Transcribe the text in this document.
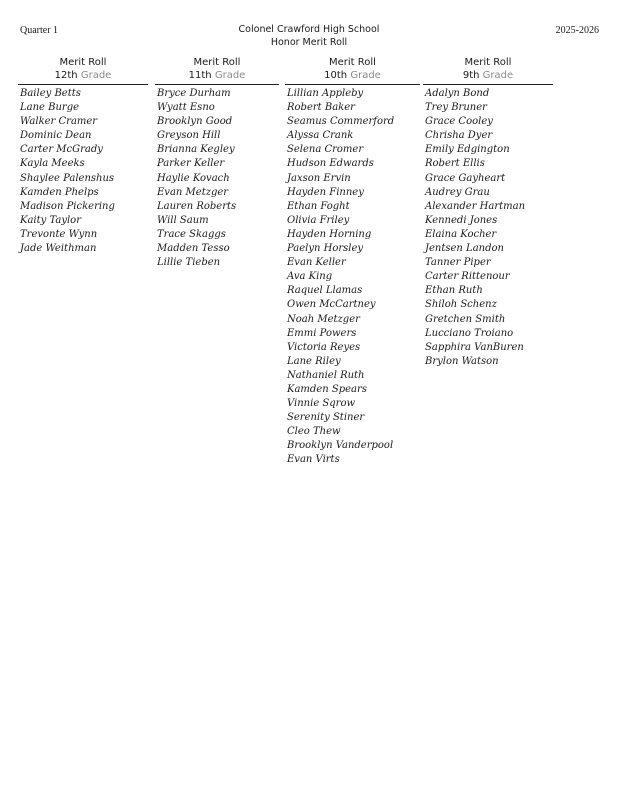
Quarter 1	Colonel Crawford High School
Honor Merit Roll
2025-2026
Merit Roll
12th Grade
Bailey Betts
Lane Burge
Walker Cramer
Dominic Dean
Carter McGrady
Kayla Meeks
Shaylee Palenshus
Kamden Phelps
Madison Pickering
Kaity Taylor
Trevonte Wynn
Jade Weithman
Merit Roll
11th Grade
Bryce Durham
Wyatt Esno
Brooklyn Good
Greyson Hill
Brianna Kegley
Parker Keller
Haylie Kovach
Evan Metzger
Lauren Roberts
Will Saum
Trace Skaggs
Madden Tesso
Lillie Tieben
Merit Roll
10th Grade
Lillian Appleby
Robert Baker
Seamus Commerford
Alyssa Crank
Selena Cromer
Hudson Edwards
Jaxson Ervin
Hayden Finney
Ethan Foght
Olivia Friley
Hayden Horning
Paelyn Horsley
Evan Keller
Ava King
Raquel Llamas
Owen McCartney
Noah Metzger
Emmi Powers
Victoria Reyes
Lane Riley
Nathaniel Ruth
Kamden Spears
Vinnie Sqrow
Serenity Stiner
Cleo Thew
Brooklyn Vanderpool
Evan Virts
Merit Roll
9th Grade
Adalyn Bond
Trey Bruner
Grace Cooley
Chrisha Dyer
Emily Edgington
Robert Ellis
Grace Gayheart
Audrey Grau
Alexander Hartman
Kennedi Jones
Elaina Kocher
Jentsen Landon
Tanner Piper
Carter Rittenour
Ethan Ruth
Shiloh Schenz
Gretchen Smith
Lucciano Troiano
Sapphira VanBuren
Brylon Watson
